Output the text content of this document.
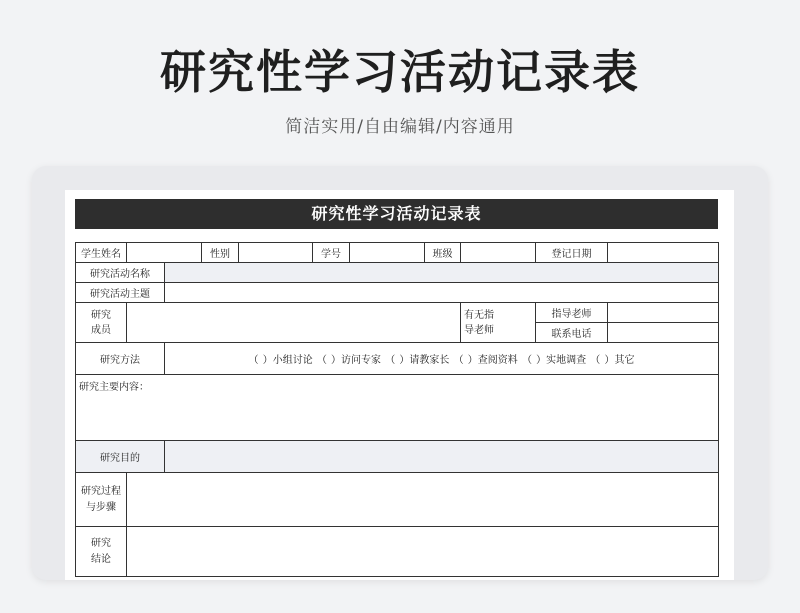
研究性学习活动记录表
简洁实用/自由编辑/内容通用
研究性学习活动记录表
学生姓名			性别		学号		班级		登记日期	
研究活动名称										
研究活动主题										

研究成员								有无指导老师	指导老师	
									联系电话	
研究方法		（ ）小组讨论 （ ）访问专家 （ ）请教家长 （ ）查阅资料 （ ）实地调查 （ ）其它								
研究主要内容：										
研究目的										

研究过程与步骤										

研究结论										
